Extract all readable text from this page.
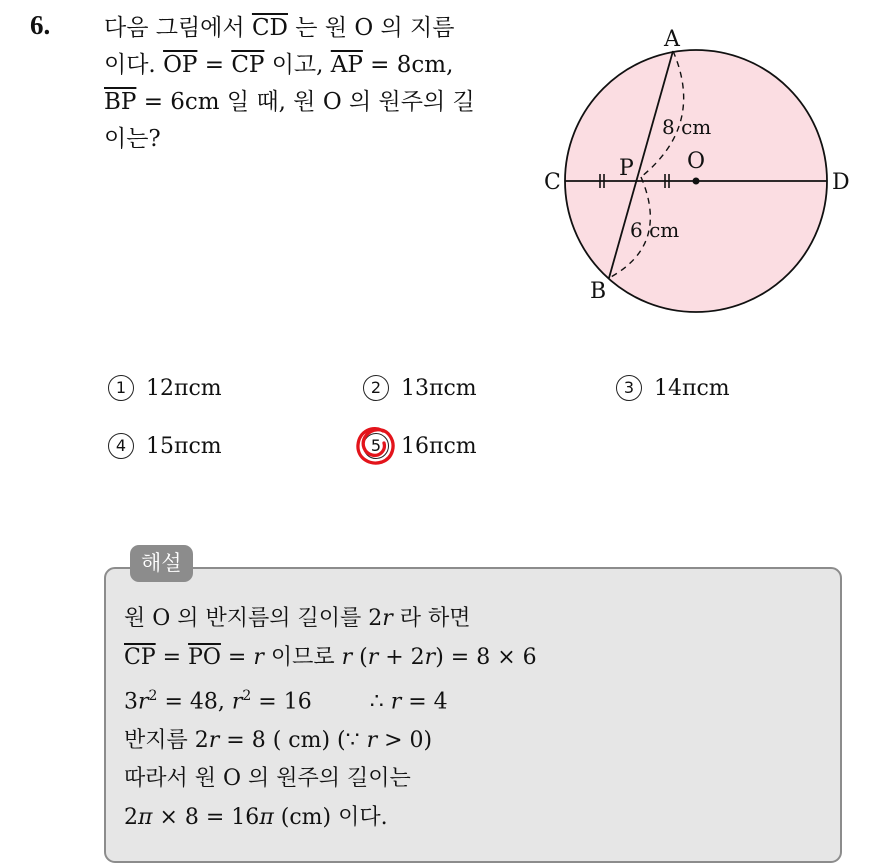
6. 다음 그림에서 $\overline{CD}$ 는 원 O 의 지름
이다. $\overline{OP} = \overline{CP}$ 이고, $\overline{AP} = 8cm$,
$\overline{BP} = 6cm$ 일 때, 원 O 의 원주의 길
이는?
A
B
C	D
P O
8 cm
6 cm
1 12πcm	2 13πcm	3 14πcm
4 15πcm	5 16πcm
해설
원 O 의 반지름의 길이를 2r 라 하면
$\overline{CP} = \overline{PO} = r$ 이므로 r (r + 2r) = 8 × 6
$3r^2 = 48$, $r^2 = 16$	∴ r = 4
반지름 2r = 8 ( cm) (∵ r > 0)
따라서 원 O 의 원주의 길이는
2π × 8 = 16π (cm) 이다.
